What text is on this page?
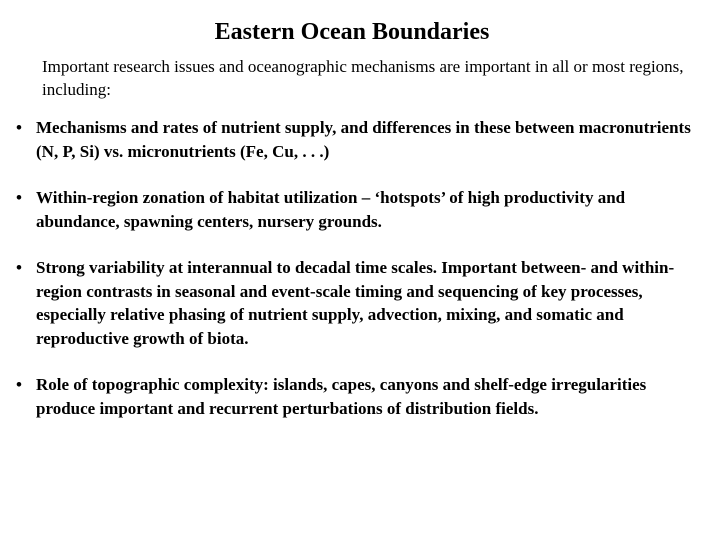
Eastern Ocean Boundaries
Important research issues and oceanographic mechanisms are important in all or most regions, including:
• Mechanisms and rates of nutrient supply, and differences in these between macronutrients (N, P, Si) vs. micronutrients (Fe, Cu, . . .)
• Within-region zonation of habitat utilization – ‘hotspots’ of high productivity and abundance, spawning centers, nursery grounds.
• Strong variability at interannual to decadal time scales. Important between- and within-region contrasts in seasonal and event-scale timing and sequencing of key processes, especially relative phasing of nutrient supply, advection, mixing, and somatic and reproductive growth of biota.
• Role of topographic complexity: islands, capes, canyons and shelf-edge irregularities produce important and recurrent perturbations of distribution fields.
